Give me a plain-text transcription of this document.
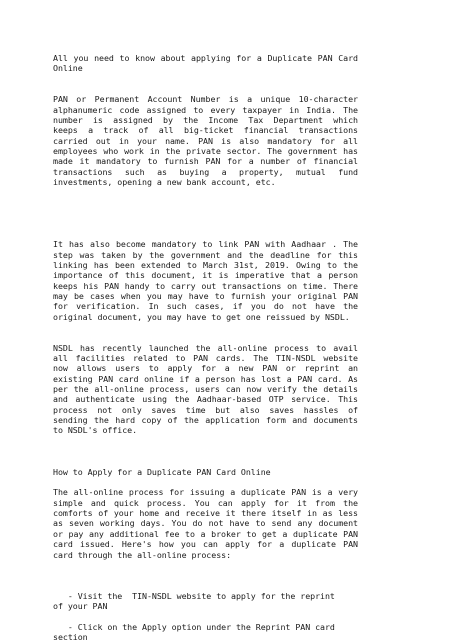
All you need to know about applying for a Duplicate PAN Card
Online
PAN or Permanent Account Number is a unique 10-character
alphanumeric code assigned to every taxpayer in India. The
number is assigned by the Income Tax Department which
keeps a track of all big-ticket financial transactions
carried out in your name. PAN is also mandatory for all
employees who work in the private sector. The government has
made it mandatory to furnish PAN for a number of financial
transactions such as buying a property, mutual fund
investments, opening a new bank account, etc.
It has also become mandatory to link PAN with Aadhaar . The
step was taken by the government and the deadline for this
linking has been extended to March 31st, 2019. Owing to the
importance of this document, it is imperative that a person
keeps his PAN handy to carry out transactions on time. There
may be cases when you may have to furnish your original PAN
for verification. In such cases, if you do not have the
original document, you may have to get one reissued by NSDL.
NSDL has recently launched the all-online process to avail
all facilities related to PAN cards. The TIN-NSDL website
now allows users to apply for a new PAN or reprint an
existing PAN card online if a person has lost a PAN card. As
per the all-online process, users can now verify the details
and authenticate using the Aadhaar-based OTP service. This
process not only saves time but also saves hassles of
sending the hard copy of the application form and documents
to NSDL's office.
How to Apply for a Duplicate PAN Card Online
The all-online process for issuing a duplicate PAN is a very
simple and quick process. You can apply for it from the
comforts of your home and receive it there itself in as less
as seven working days. You do not have to send any document
or pay any additional fee to a broker to get a duplicate PAN
card issued. Here's how you can apply for a duplicate PAN
card through the all-online process:
- Visit the  TIN-NSDL website to apply for the reprint
of your PAN
- Click on the Apply option under the Reprint PAN card
section
